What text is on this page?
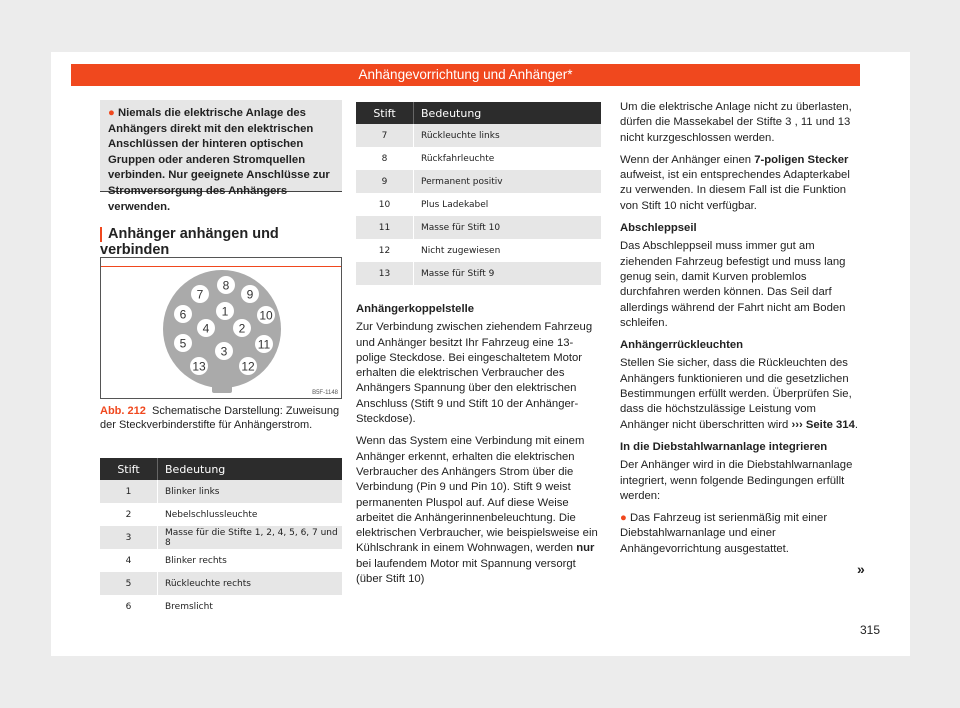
Anhängevorrichtung und Anhänger*
● Niemals die elektrische Anlage des Anhängers direkt mit den elektrischen Anschlüssen der hinteren optischen Gruppen oder anderen Stromquellen verbinden. Nur geeignete Anschlüsse zur Stromversorgung des Anhängers verwenden.
Anhänger anhängen und verbinden
8
7	9
1
6	10
4 2
5	11
3
13	12
B5F-1148
Abb. 212 Schematische Darstellung: Zuweisung der Steckverbinderstifte für Anhängerstrom.
Stift	Bedeutung
1	Blinker links
2	Nebelschlussleuchte
3	Masse für die Stifte 1, 2, 4, 5, 6, 7 und 8
4	Blinker rechts
5	Rückleuchte rechts
6	Bremslicht
Stift	Bedeutung
7	Rückleuchte links
8	Rückfahrleuchte
9	Permanent positiv
10	Plus Ladekabel
11	Masse für Stift 10
12	Nicht zugewiesen
13	Masse für Stift 9
Anhängerkoppelstelle

Zur Verbindung zwischen ziehendem Fahrzeug und Anhänger besitzt Ihr Fahrzeug eine 13-polige Steckdose. Bei eingeschaltetem Motor erhalten die elektrischen Verbraucher des Anhängers Spannung über den elektrischen Anschluss (Stift 9 und Stift 10 der Anhänger-Steckdose).

Wenn das System eine Verbindung mit einem Anhänger erkennt, erhalten die elektrischen Verbraucher des Anhängers Strom über die Verbindung (Pin 9 und Pin 10). Stift 9 weist permanenten Pluspol auf. Auf diese Weise arbeitet die Anhängerinnenbeleuchtung. Die elektrischen Verbraucher, wie beispielsweise ein Kühlschrank in einem Wohnwagen, werden nur bei laufendem Motor mit Spannung versorgt (über Stift 10)

Um die elektrische Anlage nicht zu überlasten, dürfen die Massekabel der Stifte 3 , 11 und 13 nicht kurzgeschlossen werden.

Wenn der Anhänger einen 7-poligen Stecker aufweist, ist ein entsprechendes Adapterkabel zu verwenden. In diesem Fall ist die Funktion von Stift 10 nicht verfügbar.

Abschleppseil

Das Abschleppseil muss immer gut am ziehenden Fahrzeug befestigt und muss lang genug sein, damit Kurven problemlos durchfahren werden können. Das Seil darf allerdings während der Fahrt nicht am Boden schleifen.

Anhängerrückleuchten

Stellen Sie sicher, dass die Rückleuchten des Anhängers funktionieren und die gesetzlichen Bestimmungen erfüllt werden. Überprüfen Sie, dass die höchstzulässige Leistung vom Anhänger nicht überschritten wird ››› Seite 314.

In die Diebstahlwarnanlage integrieren

Der Anhänger wird in die Diebstahlwarnanlage integriert, wenn folgende Bedingungen erfüllt werden:

● Das Fahrzeug ist serienmäßig mit einer Diebstahlwarnanlage und einer Anhängevorrichtung ausgestattet.

»
315
